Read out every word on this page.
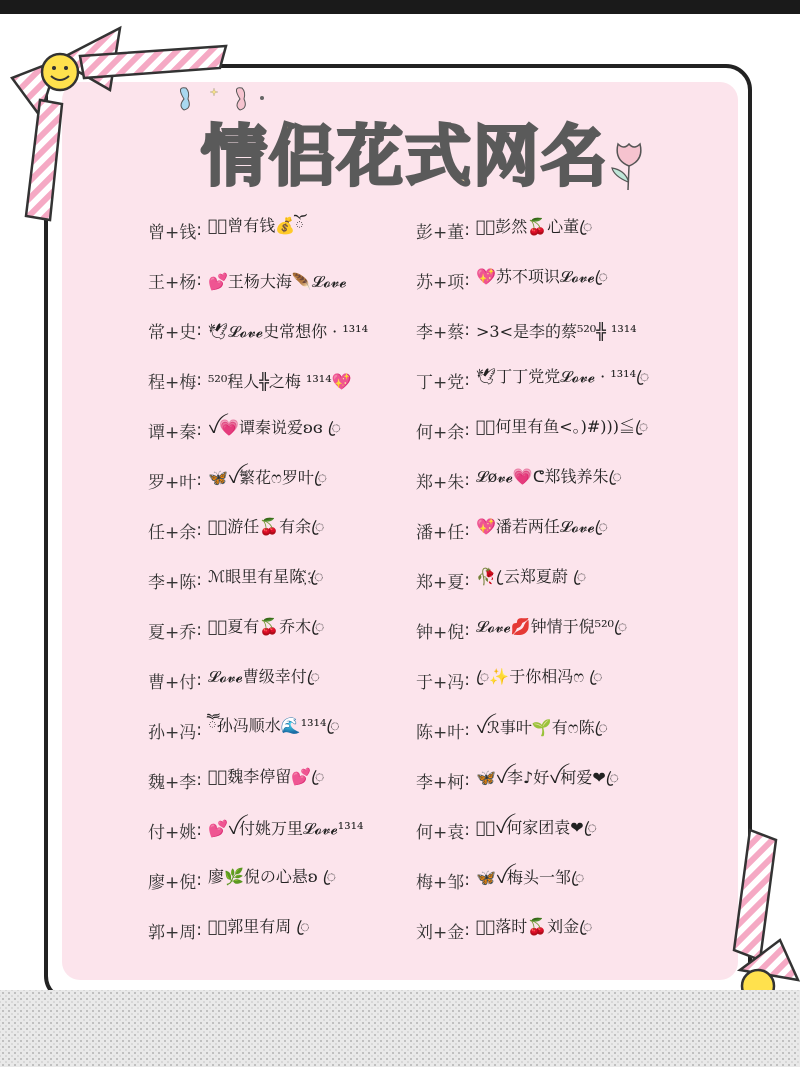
情 侣 花 式 网 名
曾+钱 : ℋ᭄曾有钱💰ོ
王+杨 : 💕王杨大海🪶𝓛𝓸𝓿𝓮
常+史 : 🕊𝓛𝓸𝓿𝓮史常想你 · ¹³¹⁴
程+梅 : ⁵²⁰程人╬之梅 ¹³¹⁴💖
谭+秦 : ꪜ💗谭秦说爱ʚɞ ꦿ
罗+叶 : 🦋ꪜ繁花ෆ罗叶ꦿ
任+余 : ℳ᭄游任🍒有余ꦿ
李+陈 : ℳ眼里有星陈҉ ꦿ
夏+乔 : ℳ᭄夏有🍒乔木ꦿ
曹+付 : 𝓛𝓸𝓿𝓮曹级幸付ꦿ
孙+冯 : ཽ孙冯顺水🌊¹³¹⁴ꦿ
魏+李 : ℋ᭄魏李停留💕ꦿ
付+姚 : 💕ꪜ付姚万里𝓛𝓸𝓿𝓮¹³¹⁴
廖+倪 : 廖🌿倪の心悬ʚ ꦿ
郭+周 : ℋ᭄郭里有周 ꦿ
彭+董 : ℳ᭄彭然🍒心董ꦿ
苏+项 : 💖苏不项识𝓛𝓸𝓿𝓮ꦿ
李+蔡 : >3<是李的蔡⁵²⁰╬ ¹³¹⁴
丁+党 : 🕊丁丁党党𝓛𝓸𝓿𝓮 · ¹³¹⁴ꦿ
何+余 : ℋ᭄何里有鱼<。)#)))≦ꦿ
郑+朱 : 𝓛ø𝓿𝓮💗ᕦ郑钱养朱ꦿ
潘+任 : 💖潘若两任𝓛𝓸𝓿𝓮ꦿ
郑+夏 : 🥀 ꦿ云郑夏蔚 ꦿ
钟+倪 : 𝓛𝓸𝓿𝓮💋钟情于倪⁵²⁰ꦿ
于+冯 : ꦿ✨于你相冯ෆ ꦿ
陈+叶 : ꪜℛ事叶🌱有ෆ陈ꦿ
李+柯 : 🦋ꪜ李♪好ꪜ柯爱❤ꦿ
何+袁 : ℋ᭄ꪜ何家团袁❤ꦿ
梅+邹 : 🦋ꪜ梅头一邹ꦿ
刘+金 : ℳ᭄落时🍒刘金ꦿ
